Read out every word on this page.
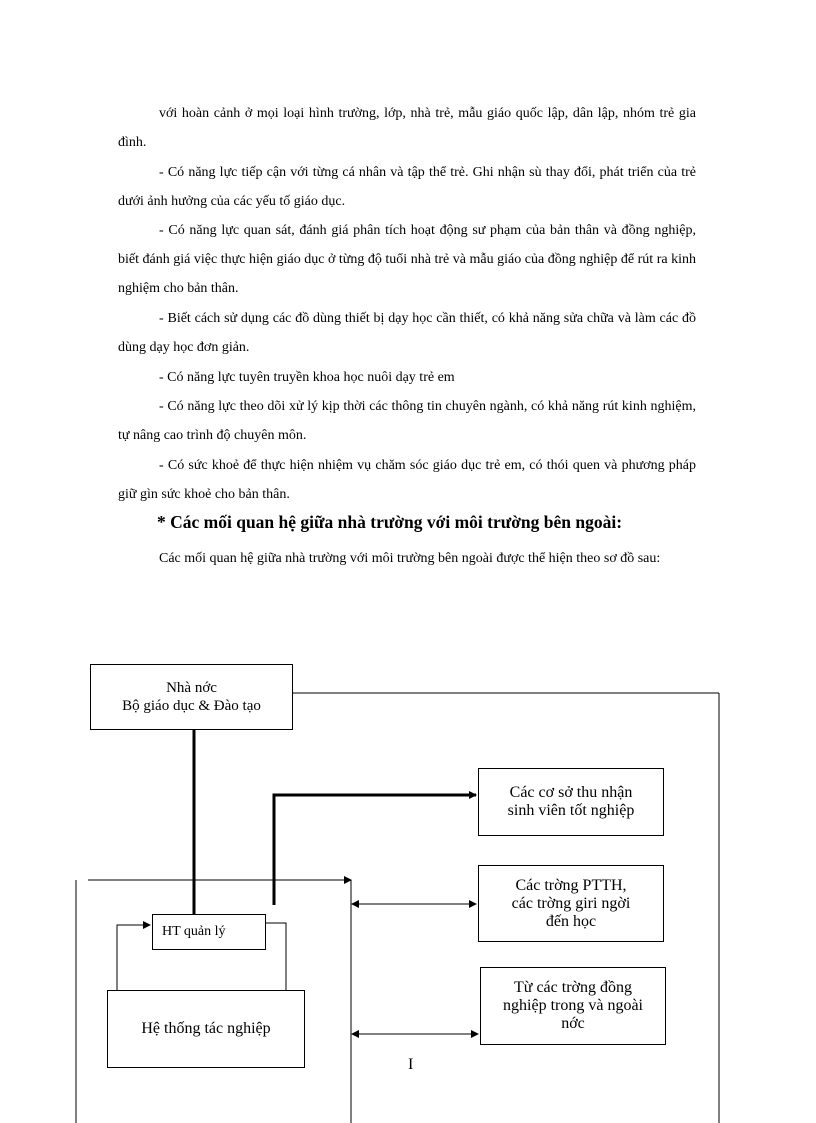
với hoàn cảnh ở mọi loại hình trường, lớp, nhà trẻ, mẫu giáo quốc lập, dân lập, nhóm trẻ gia đình.
- Có năng lực tiếp cận với từng cá nhân và tập thể trẻ. Ghi nhận sù thay đổi, phát triển của trẻ dưới ảnh hưởng của các yếu tố giáo dục.
- Có năng lực quan sát, đánh giá phân tích hoạt động sư phạm của bản thân và đồng nghiệp, biết đánh giá việc thực hiện giáo dục ở từng độ tuổi nhà trẻ và mẫu giáo của đồng nghiệp để rút ra kinh nghiệm cho bản thân.
- Biết cách sử dụng các đồ dùng thiết bị dạy học cần thiết, có khả năng sửa chữa và làm các đồ dùng dạy học đơn giản.
- Có năng lực tuyên truyền khoa học nuôi dạy trẻ em
- Có năng lực theo dõi xử lý kịp thời các thông tin chuyên ngành, có khả năng rút kinh nghiệm, tự nâng cao trình độ chuyên môn.
- Có sức khoẻ để thực hiện nhiệm vụ chăm sóc giáo dục trẻ em, có thói quen và phương pháp giữ gìn sức khoẻ cho bản thân.
* Các mối quan hệ giữa nhà trường với môi trường bên ngoài:
Các mối quan hệ giữa nhà trường với môi trường bên ngoài được thể hiện theo sơ đồ sau:
Nhà nớc
Bộ giáo dục & Đào tạo
Các cơ sở thu nhận
sinh viên tốt nghiệp
Các trờng PTTH,
các trờng giri ngời
đến học
Từ các trờng đồng
nghiệp trong và ngoài
nớc
HT quản lý
Hệ thống tác nghiệp
I
